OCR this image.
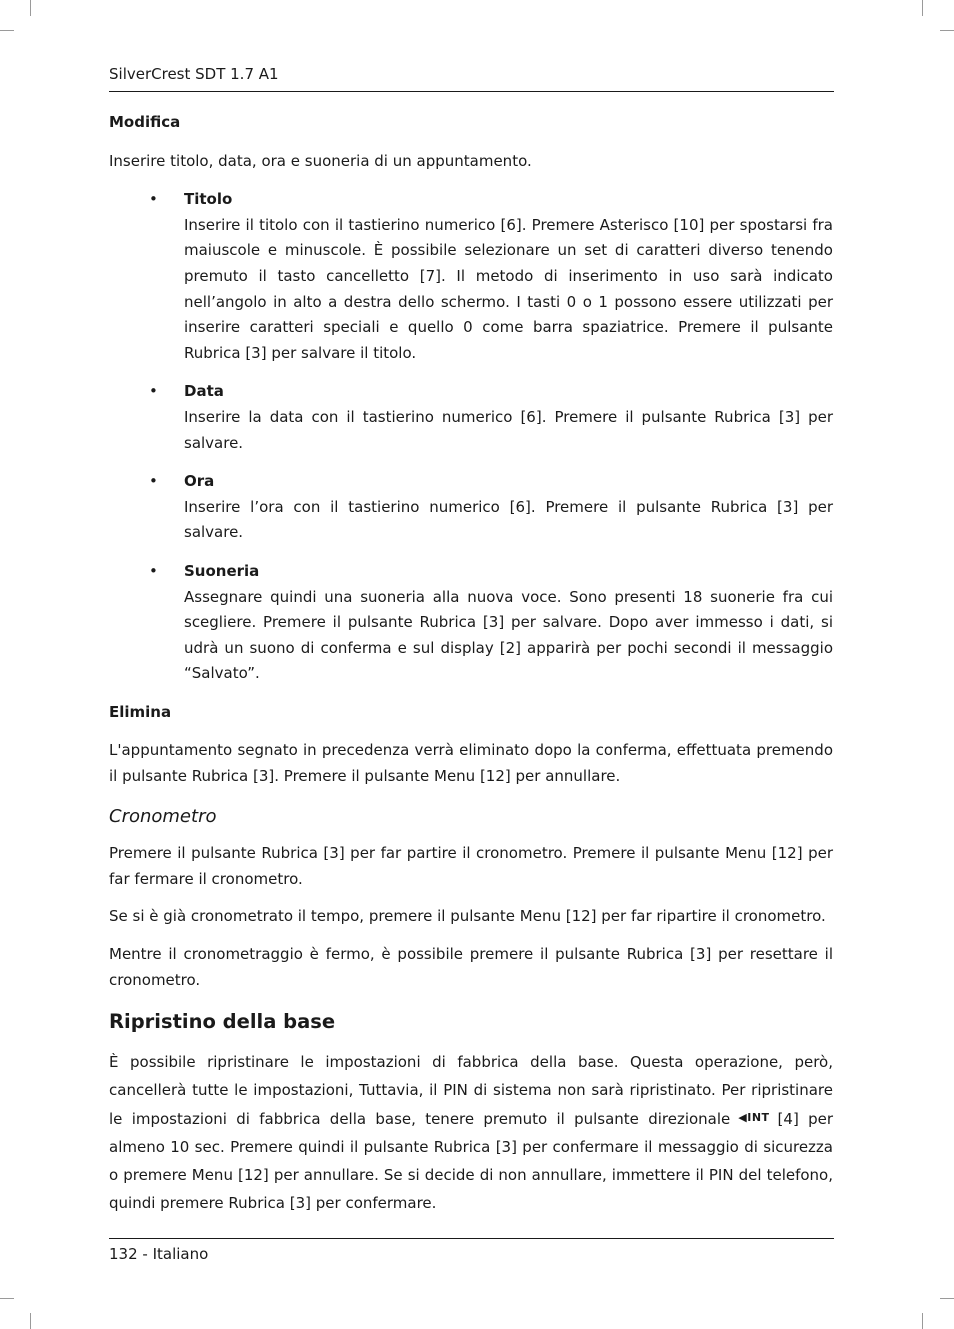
SilverCrest SDT 1.7 A1
Modifica

Inserire titolo, data, ora e suoneria di un appuntamento.

• Titolo

Inserire il titolo con il tastierino numerico [6]. Premere Asterisco [10] per spostarsi fra maiuscole e minuscole. È possibile selezionare un set di caratteri diverso tenendo premuto il tasto cancelletto [7]. Il metodo di inserimento in uso sarà indicato nell’angolo in alto a destra dello schermo. I tasti 0 o 1 possono essere utilizzati per inserire caratteri speciali e quello 0 come barra spaziatrice. Premere il pulsante Rubrica [3] per salvare il titolo.

• Data

Inserire la data con il tastierino numerico [6]. Premere il pulsante Rubrica [3] per salvare.

• Ora

Inserire l’ora con il tastierino numerico [6]. Premere il pulsante Rubrica [3] per salvare.

• Suoneria

Assegnare quindi una suoneria alla nuova voce. Sono presenti 18 suonerie fra cui scegliere. Premere il pulsante Rubrica [3] per salvare. Dopo aver immesso i dati, si udrà un suono di conferma e sul display [2] apparirà per pochi secondi il messaggio “Salvato”.

Elimina

L'appuntamento segnato in precedenza verrà eliminato dopo la conferma, effettuata premendo il pulsante Rubrica [3]. Premere il pulsante Menu [12] per annullare.

Cronometro

Premere il pulsante Rubrica [3] per far partire il cronometro. Premere il pulsante Menu [12] per far fermare il cronometro.

Se si è già cronometrato il tempo, premere il pulsante Menu [12] per far ripartire il cronometro.

Mentre il cronometraggio è fermo, è possibile premere il pulsante Rubrica [3] per resettare il cronometro.

Ripristino della base

È possibile ripristinare le impostazioni di fabbrica della base. Questa operazione, però, cancellerà tutte le impostazioni, Tuttavia, il PIN di sistema non sarà ripristinato. Per ripristinare le impostazioni di fabbrica della base, tenere premuto il pulsante direzionale ◀INT [4] per almeno 10 sec. Premere quindi il pulsante Rubrica [3] per confermare il messaggio di sicurezza o premere Menu [12] per annullare. Se si decide di non annullare, immettere il PIN del telefono, quindi premere Rubrica [3] per confermare.

132 - Italiano
